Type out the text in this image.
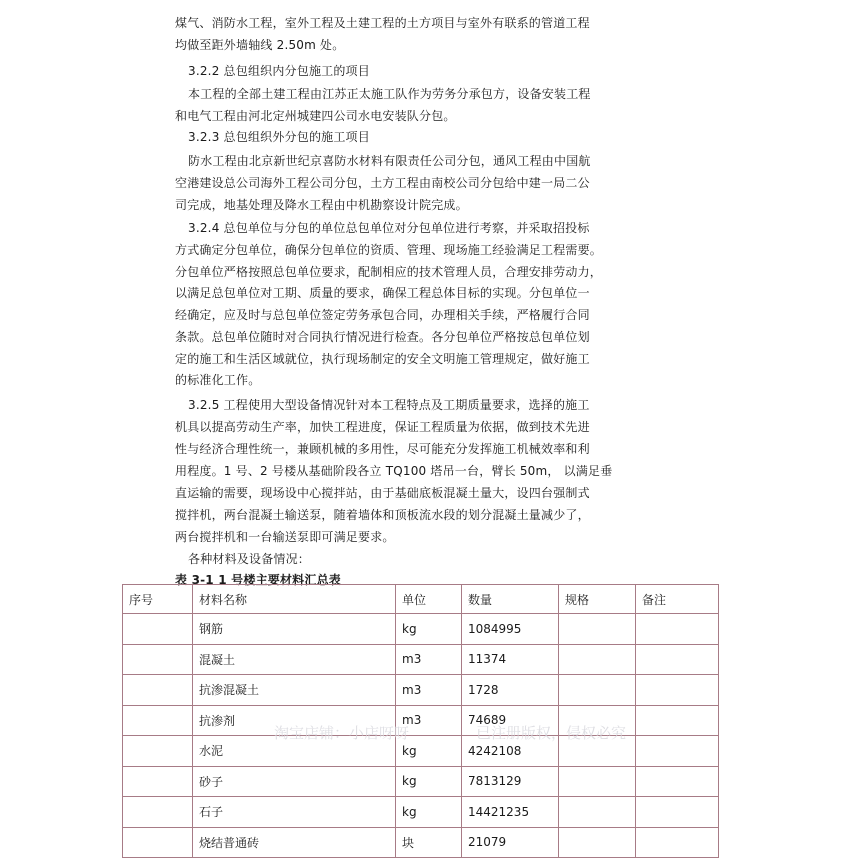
煤气、消防水工程，室外工程及土建工程的土方项目与室外有联系的管道工程
均做至距外墙轴线 2.50m 处。
3.2.2 总包组织内分包施工的项目
本工程的全部土建工程由江苏正太施工队作为劳务分承包方，设备安装工程
和电气工程由河北定州城建四公司水电安装队分包。
3.2.3 总包组织外分包的施工项目
防水工程由北京新世纪京喜防水材料有限责任公司分包，通风工程由中国航
空港建设总公司海外工程公司分包，土方工程由南校公司分包给中建一局二公
司完成，地基处理及降水工程由中机勘察设计院完成。
3.2.4 总包单位与分包的单位总包单位对分包单位进行考察，并采取招投标
方式确定分包单位，确保分包单位的资质、管理、现场施工经验满足工程需要。
分包单位严格按照总包单位要求，配制相应的技术管理人员，合理安排劳动力，
以满足总包单位对工期、质量的要求，确保工程总体目标的实现。分包单位一
经确定，应及时与总包单位签定劳务承包合同，办理相关手续，严格履行合同
条款。总包单位随时对合同执行情况进行检查。各分包单位严格按总包单位划
定的施工和生活区域就位，执行现场制定的安全文明施工管理规定，做好施工
的标准化工作。
3.2.5 工程使用大型设备情况针对本工程特点及工期质量要求，选择的施工
机具以提高劳动生产率，加快工程进度，保证工程质量为依据，做到技术先进
性与经济合理性统一，兼顾机械的多用性，尽可能充分发挥施工机械效率和利
用程度。1 号、2 号楼从基础阶段各立 TQ100 塔吊一台，臂长 50m， 以满足垂
直运输的需要，现场设中心搅拌站，由于基础底板混凝土量大，设四台强制式
搅拌机，两台混凝土输送泵，随着墙体和顶板流水段的划分混凝土量减少了，
两台搅拌机和一台输送泵即可满足要求。
各种材料及设备情况：
表 3-1 1 号楼主要材料汇总表
序号	材料名称	单位	数量	规格	备注
	钢筋	kg	1084995		
	混凝土	m3	11374		
	抗渗混凝土	m3	1728		
	抗渗剂	m3	74689		
	水泥	kg	4242108		
	砂子	kg	7813129		
	石子	kg	14421235		
	烧结普通砖	块	21079		
淘宝店铺：小店呀呀	已注册版权，侵权必究
